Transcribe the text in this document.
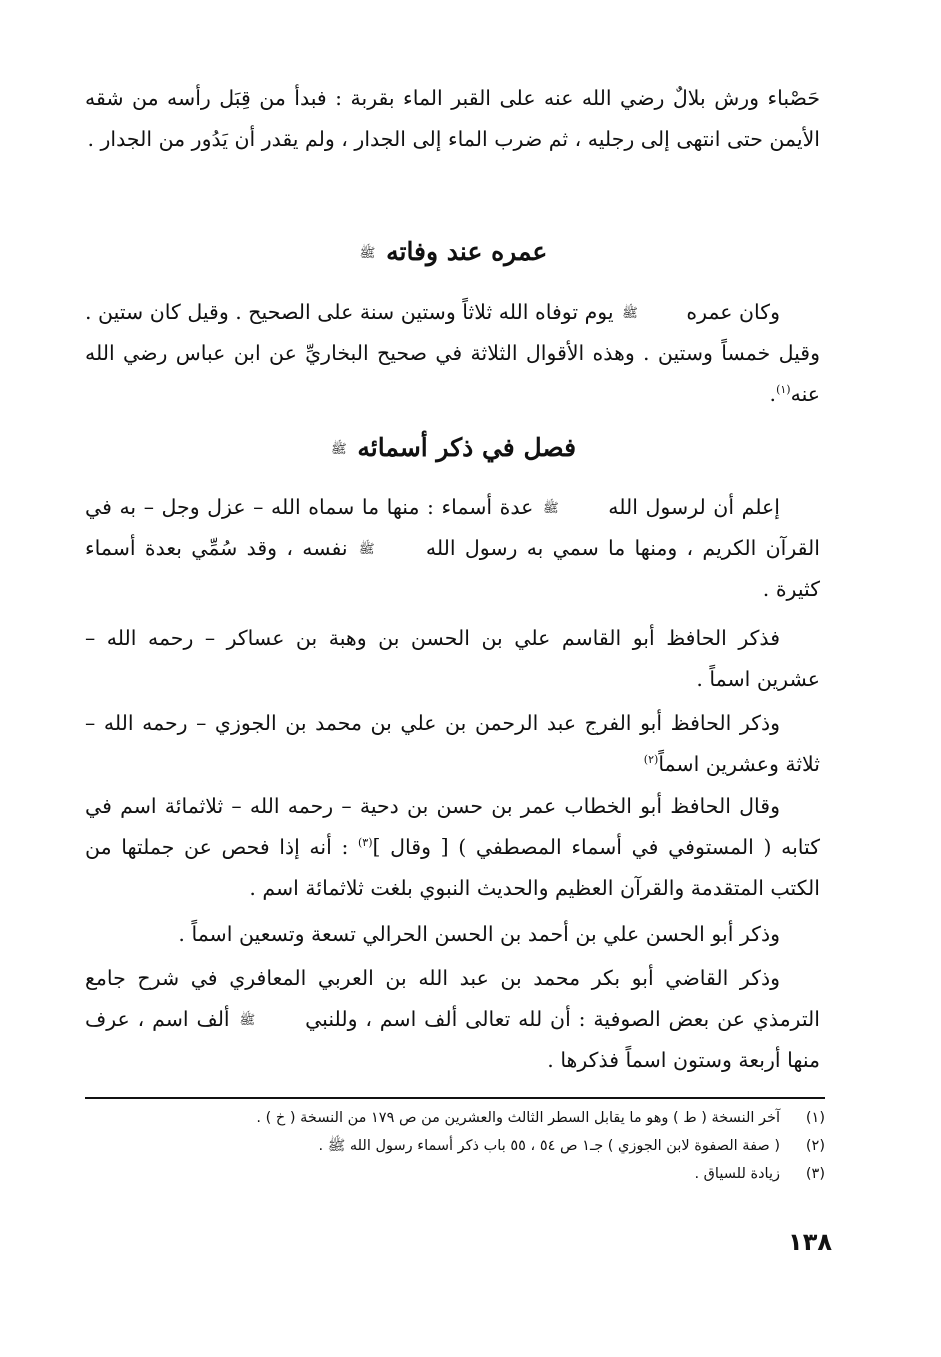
حَصْباء ورش بلالٌ رضي الله عنه على القبر الماء بقربة : فبدأ من قِبَل رأسه من شقه الأيمن حتى انتهى إلى رجليه ، ثم ضرب الماء إلى الجدار ، ولم يقدر أن يَدُور من الجدار .

عمره عند وفاته ﷺ

وكان عمره ﷺ يوم توفاه الله ثلاثاً وستين سنة على الصحيح . وقيل كان ستين . وقيل خمساً وستين . وهذه الأقوال الثلاثة في صحيح البخاريِّ عن ابن عباس رضي الله عنه$^{(١)}$.

فصل في ذكر أسمائه ﷺ

إعلم أن لرسول الله ﷺ عدة أسماء : منها ما سماه الله – عزل وجل – به في القرآن الكريم ، ومنها ما سمي به رسول الله ﷺ نفسه ، وقد سُمِّي بعدة أسماء كثيرة .

فذكر الحافظ أبو القاسم علي بن الحسن بن وهبة بن عساكر – رحمه الله – عشرين اسماً .

وذكر الحافظ أبو الفرج عبد الرحمن بن علي بن محمد بن الجوزي – رحمه الله – ثلاثة وعشرين اسماً$^{(٢)}$

وقال الحافظ أبو الخطاب عمر بن حسن بن دحية – رحمه الله – ثلاثمائة اسم في كتابه ( المستوفي في أسماء المصطفي ) [ وقال ]$^{(٣)}$ : أنه إذا فحص عن جملتها من الكتب المتقدمة والقرآن العظيم والحديث النبوي بلغت ثلاثمائة اسم .

وذكر أبو الحسن علي بن أحمد بن الحسن الحرالي تسعة وتسعين اسماً .

وذكر القاضي أبو بكر محمد بن عبد الله بن العربي المعافري في شرح جامع الترمذي عن بعض الصوفية : أن لله تعالى ألف اسم ، وللنبي ﷺ ألف اسم ، عرف منها أربعة وستون اسماً فذكرها .

(١)
آخر النسخة ( ط ) وهو ما يقابل السطر الثالث والعشرين من ص ١٧٩ من النسخة ( خ ) .
(٢)
( صفة الصفوة لابن الجوزي ) جـ١ ص ٥٤ ، ٥٥ باب ذكر أسماء رسول الله ﷺ .
(٣)
زيادة للسياق .
١٣٨
